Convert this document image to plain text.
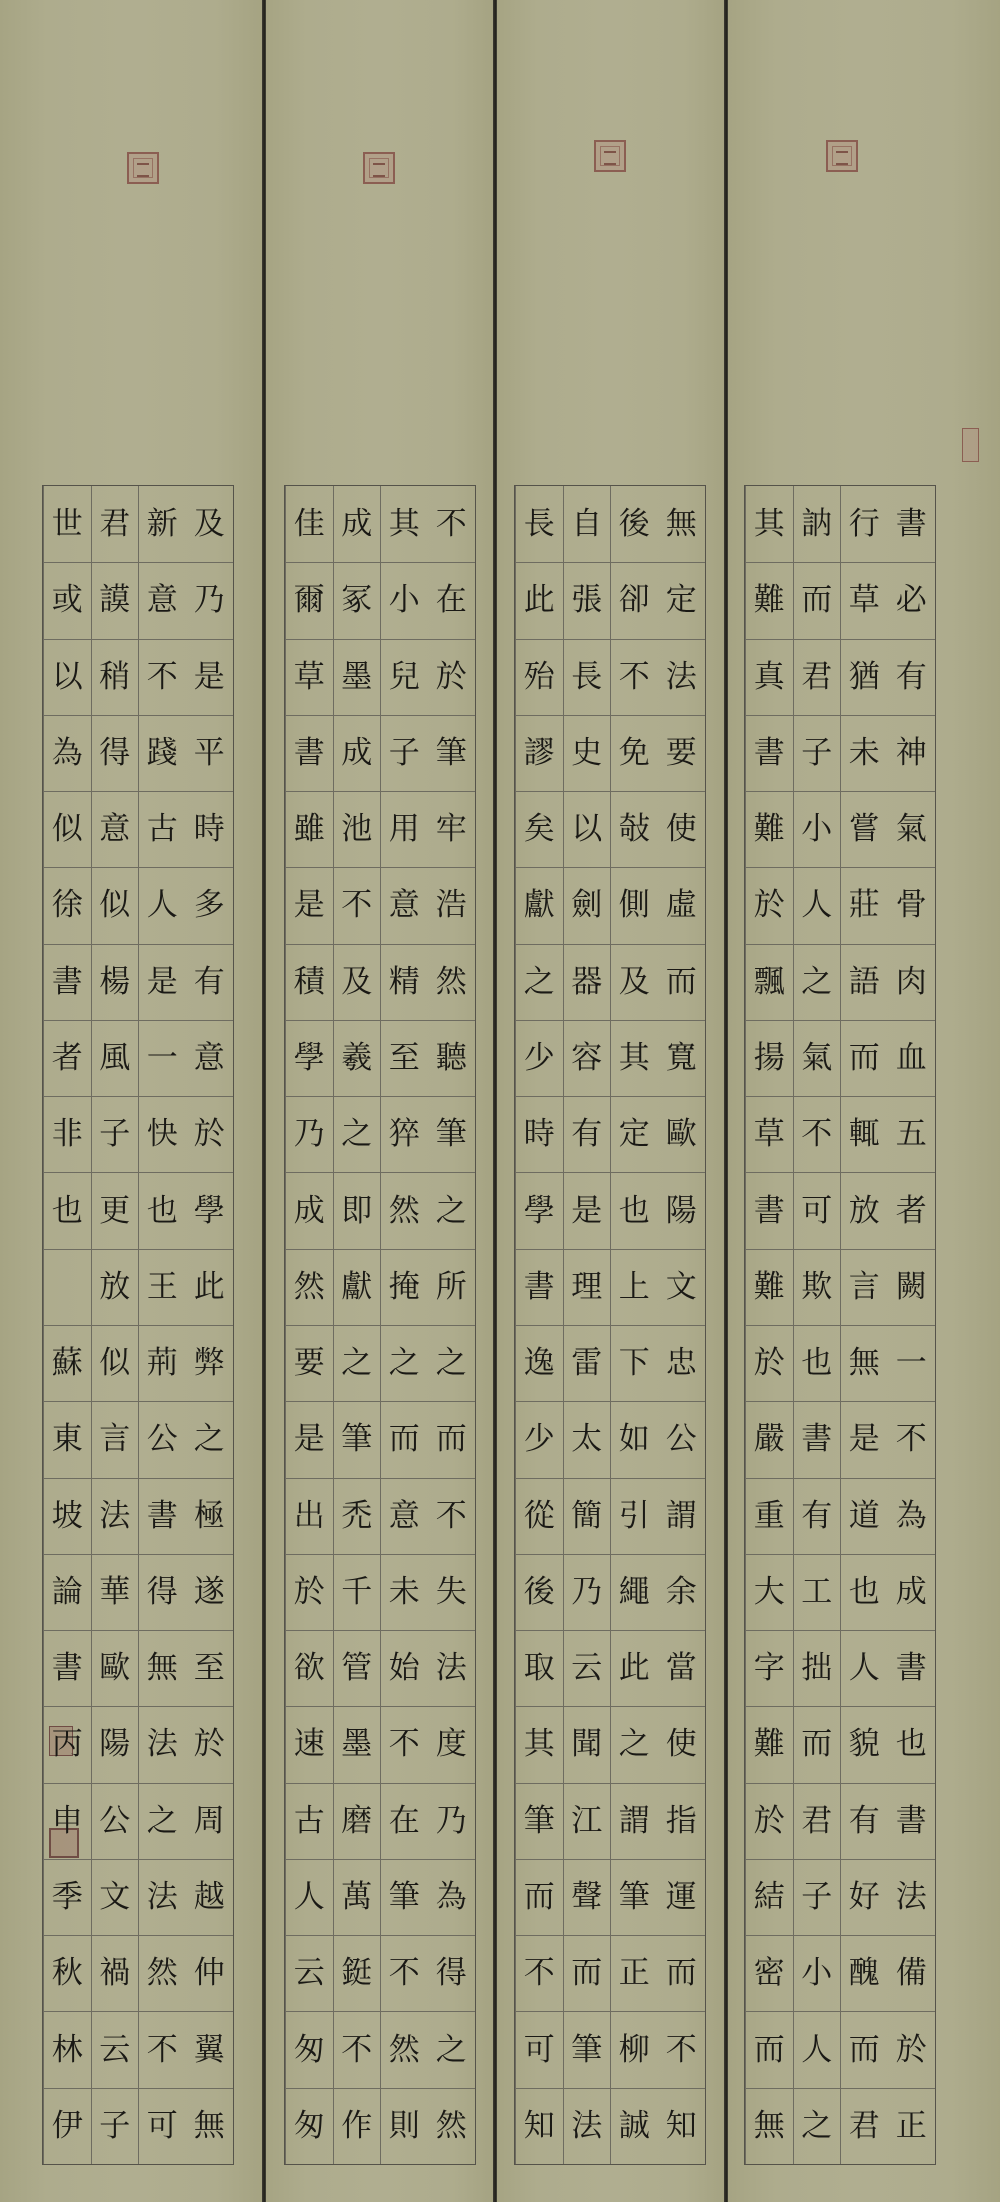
及
乃
是
平
時
多
有
意
於
學
此
弊
之
極
遂
至
於
周
越
仲
翼
無
新
意
不
踐
古
人
是
一
快
也
王
荊
公
書
得
無
法
之
法
然
不
可
君
謨
稍
得
意
似
楊
風
子
更
放
似
言
法
華
歐
陽
公
文
禍
云
子
世
或
以
為
似
徐
書
者
非
也
蘇
東
坡
論
書
丙
申
季
秋
林
伊
不
在
於
筆
牢
浩
然
聽
筆
之
所
之
而
不
失
法
度
乃
為
得
之
然
其
小
兒
子
用
意
精
至
猝
然
掩
之
而
意
未
始
不
在
筆
不
然
則
成
冢
墨
成
池
不
及
羲
之
即
獻
之
筆
禿
千
管
墨
磨
萬
鋌
不
作
佳
爾
草
書
雖
是
積
學
乃
成
然
要
是
出
於
欲
速
古
人
云
匆
匆
無
定
法
要
使
虛
而
寬
歐
陽
文
忠
公
謂
余
當
使
指
運
而
不
知
後
卻
不
免
敧
側
及
其
定
也
上
下
如
引
繩
此
之
謂
筆
正
柳
誠
自
張
長
史
以
劍
器
容
有
是
理
雷
太
簡
乃
云
聞
江
聲
而
筆
法
長
此
殆
謬
矣
獻
之
少
時
學
書
逸
少
從
後
取
其
筆
而
不
可
知
書
必
有
神
氣
骨
肉
血
五
者
闕
一
不
為
成
書
也
書
法
備
於
正
行
草
猶
未
嘗
莊
語
而
輒
放
言
無
是
道
也
人
貌
有
好
醜
而
君
訥
而
君
子
小
人
之
氣
不
可
欺
也
書
有
工
拙
而
君
子
小
人
之
其
難
真
書
難
於
飄
揚
草
書
難
於
嚴
重
大
字
難
於
結
密
而
無
